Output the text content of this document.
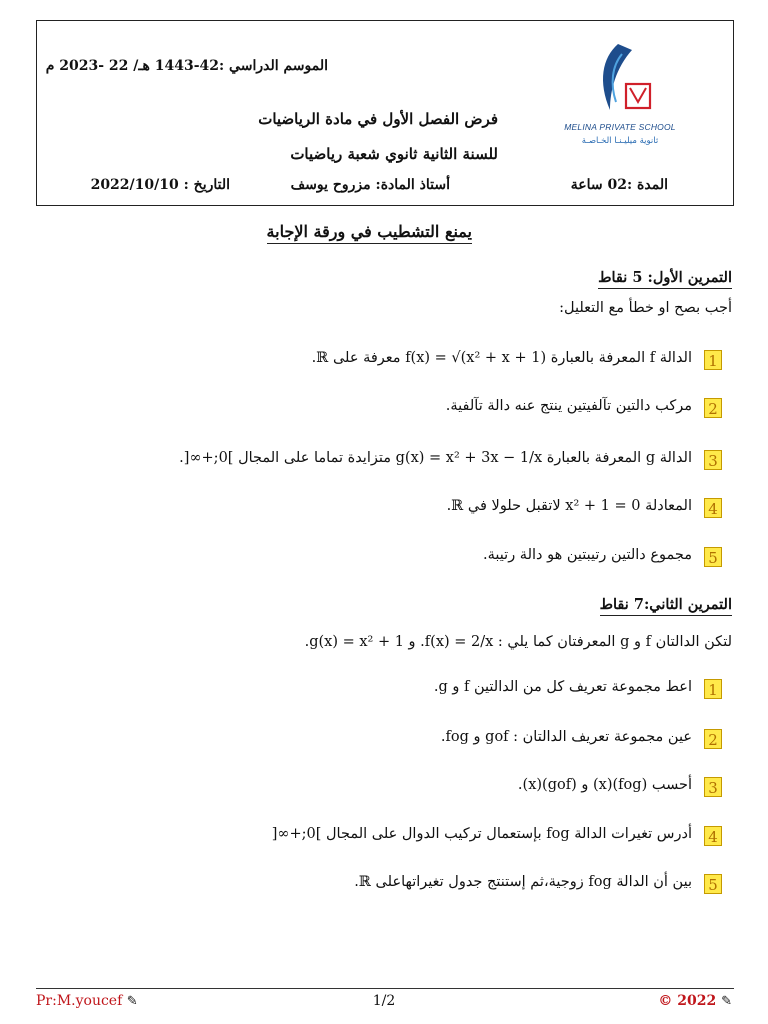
MELINA PRIVATE SCHOOL
ثانوية ميليـنـا الخـاصـة
الموسم الدراسي :42-1443 هـ/ 22 -2023 م
فرض الفصل الأول في مادة الرياضيات
للسنة الثانية ثانوي شعبة رياضيات
المدة :02 ساعة
أستاذ المادة: مزروح يوسف
التاريخ : 2022/10/10
يمنع التشطيب في ورقة الإجابة
التمرين الأول: 5 نقاط
أجب بصح او خطأ مع التعليل:
1
الدالة f المعرفة بالعبارة f(x) = √(x² + x + 1) معرفة على ℝ.
2
مركب دالتين تآلفيتين ينتج عنه دالة تآلفية.
3
الدالة g المعرفة بالعبارة g(x) = x² + 3x − 1/x متزايدة تماما على المجال ]0;+∞[.
4
المعادلة x² + 1 = 0 لاتقبل حلولا في ℝ.
5
مجموع دالتين رتيبتين هو دالة رتيبة.
التمرين الثاني:7 نقاط
لتكن الدالتان f و g المعرفتان كما يلي : f(x) = 2/x. و g(x) = x² + 1.
1
اعط مجموعة تعريف كل من الدالتين f و g.
2
عين مجموعة تعريف الدالتان : gof و fog.
3
أحسب (fog)(x) و (gof)(x).
4
أدرس تغيرات الدالة fog بإستعمال تركيب الدوال على المجال ]0;+∞[
5
بين أن الدالة fog زوجية،ثم إستنتج جدول تغيراتهاعلى ℝ.
Pr:M.youcef ✎	1/2	© 2022 ✎
